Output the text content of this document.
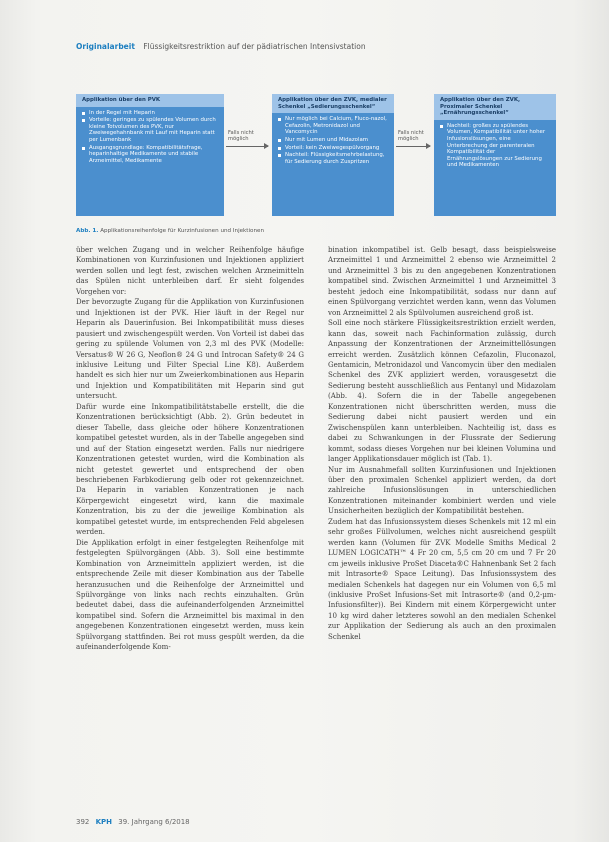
Originalarbeit Flüssigkeitsrestriktion auf der pädiatrischen Intensivstation
Applikation über den PVK
In der Regel mit Heparin
Vorteile: geringes zu spülendes Volumen durch kleine Totvolumen des PVK, nur Zweiwegehahnbank mit Lauf mit Heparin statt per Lumenbank
Ausgangsgrundlage: Kompatibilitätsfrage, heparinhaltige Medikamente und stabile Arzneimittel, Medikamente
Falls nicht möglich
Applikation über den ZVK, medialer Schenkel „Sedierungsschenkel“
Nur möglich bei Calcium, Fluco-nazol, Cefazolin, Metronidazol und Vancomycin
Nur mit Lumen und Midazolam
Vorteil: kein Zweiwegespülvorgang
Nachteil: Flüssigkeitsmehrbelastung, für Sedierung durch Zuspritzen
Falls nicht möglich
Applikation über den ZVK, Proximaler Schenkel „Ernährungsschenkel“
Nachteil: großes zu spülendes Volumen, Kompatibilität unter hoher Infusionslösungen, eine Unterbrechung der parenteralen Kompatibilität der Ernährungslösungen zur Sedierung und Medikamenten
Abb. 1. Applikationsreihenfolge für Kurzinfusionen und Injektionen

über welchen Zugang und in welcher Reihenfolge häufige Kombinationen von Kurzinfusionen und Injektionen appliziert werden sollen und legt fest, zwischen welchen Arzneimitteln das Spülen nicht unterbleiben darf. Er sieht folgendes Vorgehen vor:

Der bevorzugte Zugang für die Applikation von Kurzinfusionen und Injektionen ist der PVK. Hier läuft in der Regel nur Heparin als Dauerinfusion. Bei Inkompatibilität muss dieses pausiert und zwischengespült werden. Von Vorteil ist dabei das gering zu spülende Volumen von 2,3 ml des PVK (Modelle: Versatus® W 26 G, Neoflon® 24 G und Introcan Safety® 24 G inklusive Leitung und Filter Special Line K8). Außerdem handelt es sich hier nur um Zweierkombinationen aus Heparin und Injektion und Kompatibilitäten mit Heparin sind gut untersucht.

Dafür wurde eine Inkompatibilitätstabelle erstellt, die die Konzentrationen berücksichtigt (Abb. 2). Grün bedeutet in dieser Tabelle, dass gleiche oder höhere Konzentrationen kompatibel getestet wurden, als in der Tabelle angegeben sind und auf der Station eingesetzt werden. Falls nur niedrigere Konzentrationen getestet wurden, wird die Kombination als nicht getestet gewertet und entsprechend der oben beschriebenen Farbkodierung gelb oder rot gekennzeichnet. Da Heparin in variablen Konzentrationen je nach Körpergewicht eingesetzt wird, kann die maximale Konzentration, bis zu der die jeweilige Kombination als kompatibel getestet wurde, im entsprechenden Feld abgelesen werden.

Die Applikation erfolgt in einer festgelegten Reihenfolge mit festgelegten Spülvorgängen (Abb. 3). Soll eine bestimmte Kombination von Arzneimitteln appliziert werden, ist die entsprechende Zeile mit dieser Kombination aus der Tabelle heranzusuchen und die Reihenfolge der Arzneimittel und Spülvorgänge von links nach rechts einzuhalten. Grün bedeutet dabei, dass die aufeinanderfolgenden Arzneimittel kompatibel sind. Sofern die Arzneimittel bis maximal in den angegebenen Konzentrationen eingesetzt werden, muss kein Spülvorgang stattfinden. Bei rot muss gespült werden, da die aufeinanderfolgende Kom-

bination inkompatibel ist. Gelb besagt, dass beispielsweise Arzneimittel 1 und Arzneimittel 2 ebenso wie Arzneimittel 2 und Arzneimittel 3 bis zu den angegebenen Konzentrationen kompatibel sind. Zwischen Arzneimittel 1 und Arzneimittel 3 besteht jedoch eine Inkompatibilität, sodass nur dann auf einen Spülvorgang verzichtet werden kann, wenn das Volumen von Arzneimittel 2 als Spülvolumen ausreichend groß ist.

Soll eine noch stärkere Flüssigkeitsrestriktion erzielt werden, kann das, soweit nach Fachinformation zulässig, durch Anpassung der Konzentrationen der Arzneimittellösungen erreicht werden. Zusätzlich können Cefazolin, Fluconazol, Gentamicin, Metronidazol und Vancomycin über den medialen Schenkel des ZVK appliziert werden, vorausgesetzt die Sedierung besteht ausschließlich aus Fentanyl und Midazolam (Abb. 4). Sofern die in der Tabelle angegebenen Konzentrationen nicht überschritten werden, muss die Sedierung dabei nicht pausiert werden und ein Zwischenspülen kann unterbleiben. Nachteilig ist, dass es dabei zu Schwankungen in der Flussrate der Sedierung kommt, sodass dieses Vorgehen nur bei kleinen Volumina und langer Applikationsdauer möglich ist (Tab. 1).

Nur im Ausnahmefall sollten Kurzinfusionen und Injektionen über den proximalen Schenkel appliziert werden, da dort zahlreiche Infusionslösungen in unterschiedlichen Konzentrationen miteinander kombiniert werden und viele Unsicherheiten bezüglich der Kompatibilität bestehen.

Zudem hat das Infusionssystem dieses Schenkels mit 12 ml ein sehr großes Füllvolumen, welches nicht ausreichend gespült werden kann (Volumen für ZVK Modelle Smiths Medical 2 LUMEN LOGICATH™ 4 Fr 20 cm, 5,5 cm 20 cm und 7 Fr 20 cm jeweils inklusive ProSet Diaceta®C Hahnenbank Set 2 fach mit Intrasorte® Space Leitung). Das Infusionssystem des medialen Schenkels hat dagegen nur ein Volumen von 6,5 ml (inklusive ProSet Infusions-Set mit Intrasorte® (and 0,2-µm-Infusionsfilter)). Bei Kindern mit einem Körpergewicht unter 10 kg wird daher letzteres sowohl an den medialen Schenkel zur Applikation der Sedierung als auch an den proximalen Schenkel

392 KPH 39. Jahrgang 6/2018
